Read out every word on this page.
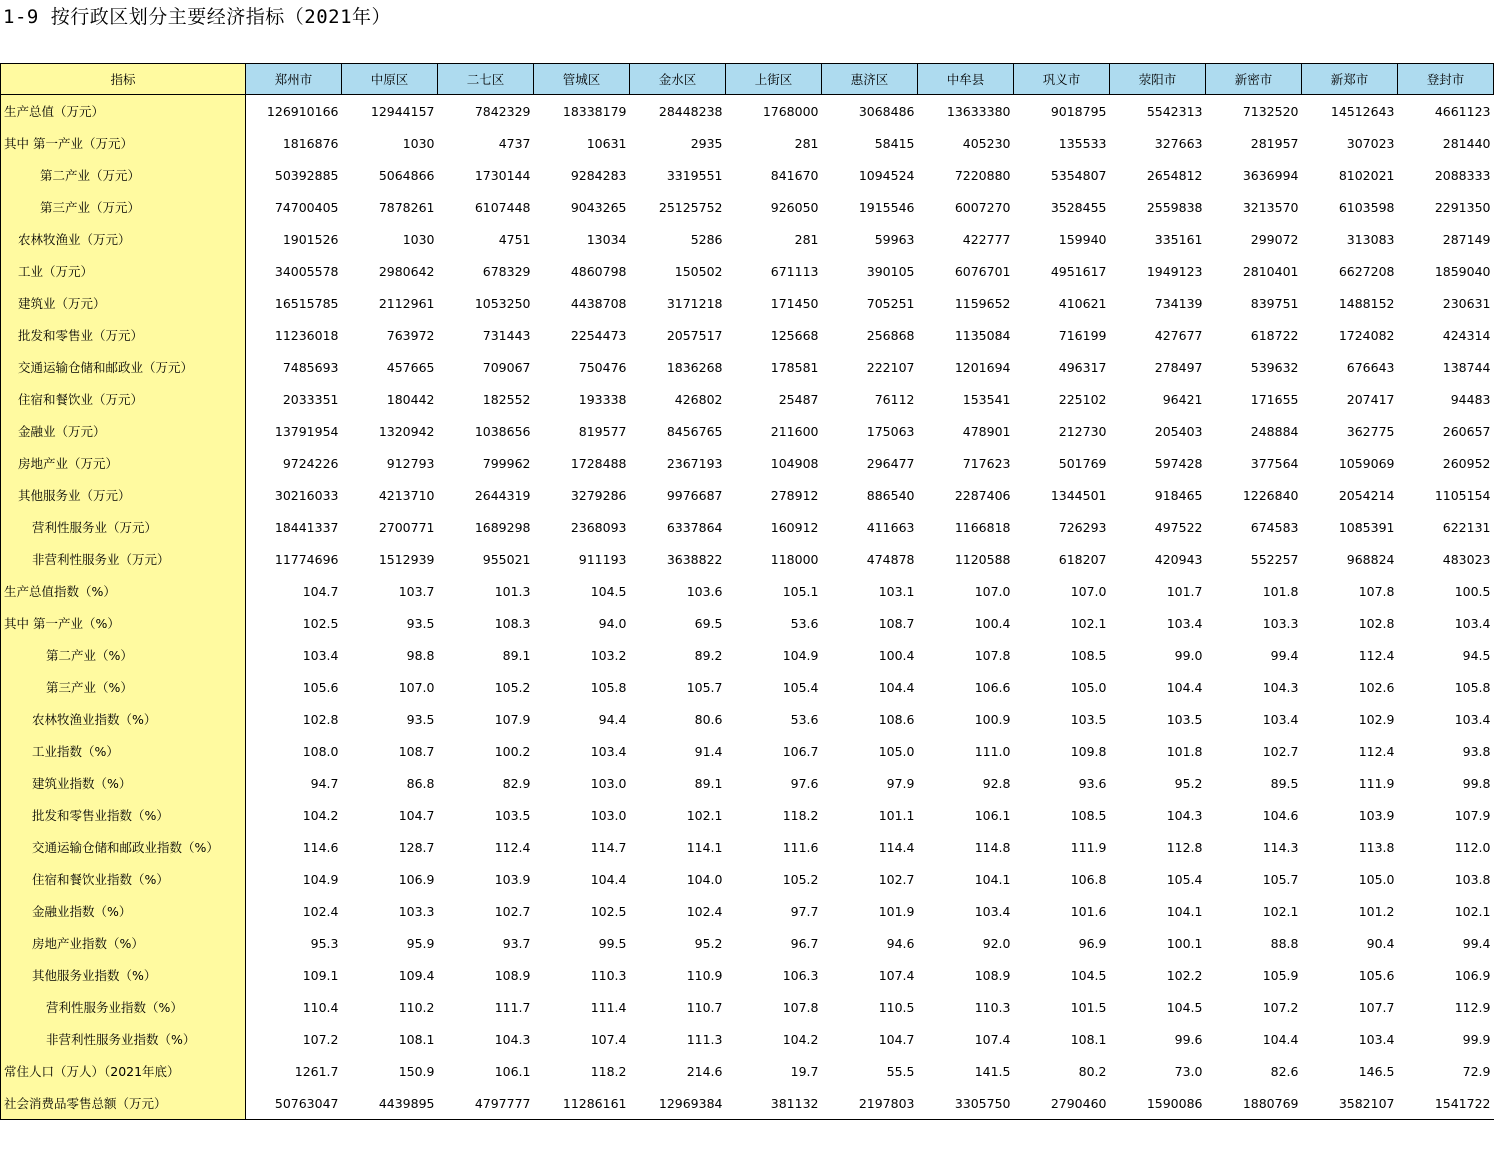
1-9 按行政区划分主要经济指标（2021年）
指标	郑州市	中原区	二七区	管城区	金水区	上街区	惠济区	中牟县	巩义市	荥阳市	新密市	新郑市	登封市
生产总值（万元）	126910166	12944157	7842329	18338179	28448238	1768000	3068486	13633380	9018795	5542313	7132520	14512643	4661123
其中 第一产业（万元）	1816876	1030	4737	10631	2935	281	58415	405230	135533	327663	281957	307023	281440
第二产业（万元）	50392885	5064866	1730144	9284283	3319551	841670	1094524	7220880	5354807	2654812	3636994	8102021	2088333
第三产业（万元）	74700405	7878261	6107448	9043265	25125752	926050	1915546	6007270	3528455	2559838	3213570	6103598	2291350
农林牧渔业（万元）	1901526	1030	4751	13034	5286	281	59963	422777	159940	335161	299072	313083	287149
工业（万元）	34005578	2980642	678329	4860798	150502	671113	390105	6076701	4951617	1949123	2810401	6627208	1859040
建筑业（万元）	16515785	2112961	1053250	4438708	3171218	171450	705251	1159652	410621	734139	839751	1488152	230631
批发和零售业（万元）	11236018	763972	731443	2254473	2057517	125668	256868	1135084	716199	427677	618722	1724082	424314
交通运输仓储和邮政业（万元）	7485693	457665	709067	750476	1836268	178581	222107	1201694	496317	278497	539632	676643	138744
住宿和餐饮业（万元）	2033351	180442	182552	193338	426802	25487	76112	153541	225102	96421	171655	207417	94483
金融业（万元）	13791954	1320942	1038656	819577	8456765	211600	175063	478901	212730	205403	248884	362775	260657
房地产业（万元）	9724226	912793	799962	1728488	2367193	104908	296477	717623	501769	597428	377564	1059069	260952
其他服务业（万元）	30216033	4213710	2644319	3279286	9976687	278912	886540	2287406	1344501	918465	1226840	2054214	1105154
营利性服务业（万元）	18441337	2700771	1689298	2368093	6337864	160912	411663	1166818	726293	497522	674583	1085391	622131
非营利性服务业（万元）	11774696	1512939	955021	911193	3638822	118000	474878	1120588	618207	420943	552257	968824	483023
生产总值指数（%）	104.7	103.7	101.3	104.5	103.6	105.1	103.1	107.0	107.0	101.7	101.8	107.8	100.5
其中 第一产业（%）	102.5	93.5	108.3	94.0	69.5	53.6	108.7	100.4	102.1	103.4	103.3	102.8	103.4
第二产业（%）	103.4	98.8	89.1	103.2	89.2	104.9	100.4	107.8	108.5	99.0	99.4	112.4	94.5
第三产业（%）	105.6	107.0	105.2	105.8	105.7	105.4	104.4	106.6	105.0	104.4	104.3	102.6	105.8
农林牧渔业指数（%）	102.8	93.5	107.9	94.4	80.6	53.6	108.6	100.9	103.5	103.5	103.4	102.9	103.4
工业指数（%）	108.0	108.7	100.2	103.4	91.4	106.7	105.0	111.0	109.8	101.8	102.7	112.4	93.8
建筑业指数（%）	94.7	86.8	82.9	103.0	89.1	97.6	97.9	92.8	93.6	95.2	89.5	111.9	99.8
批发和零售业指数（%）	104.2	104.7	103.5	103.0	102.1	118.2	101.1	106.1	108.5	104.3	104.6	103.9	107.9
交通运输仓储和邮政业指数（%）	114.6	128.7	112.4	114.7	114.1	111.6	114.4	114.8	111.9	112.8	114.3	113.8	112.0
住宿和餐饮业指数（%）	104.9	106.9	103.9	104.4	104.0	105.2	102.7	104.1	106.8	105.4	105.7	105.0	103.8
金融业指数（%）	102.4	103.3	102.7	102.5	102.4	97.7	101.9	103.4	101.6	104.1	102.1	101.2	102.1
房地产业指数（%）	95.3	95.9	93.7	99.5	95.2	96.7	94.6	92.0	96.9	100.1	88.8	90.4	99.4
其他服务业指数（%）	109.1	109.4	108.9	110.3	110.9	106.3	107.4	108.9	104.5	102.2	105.9	105.6	106.9
营利性服务业指数（%）	110.4	110.2	111.7	111.4	110.7	107.8	110.5	110.3	101.5	104.5	107.2	107.7	112.9
非营利性服务业指数（%）	107.2	108.1	104.3	107.4	111.3	104.2	104.7	107.4	108.1	99.6	104.4	103.4	99.9
常住人口（万人）（2021年底）	1261.7	150.9	106.1	118.2	214.6	19.7	55.5	141.5	80.2	73.0	82.6	146.5	72.9
社会消费品零售总额（万元）	50763047	4439895	4797777	11286161	12969384	381132	2197803	3305750	2790460	1590086	1880769	3582107	1541722
